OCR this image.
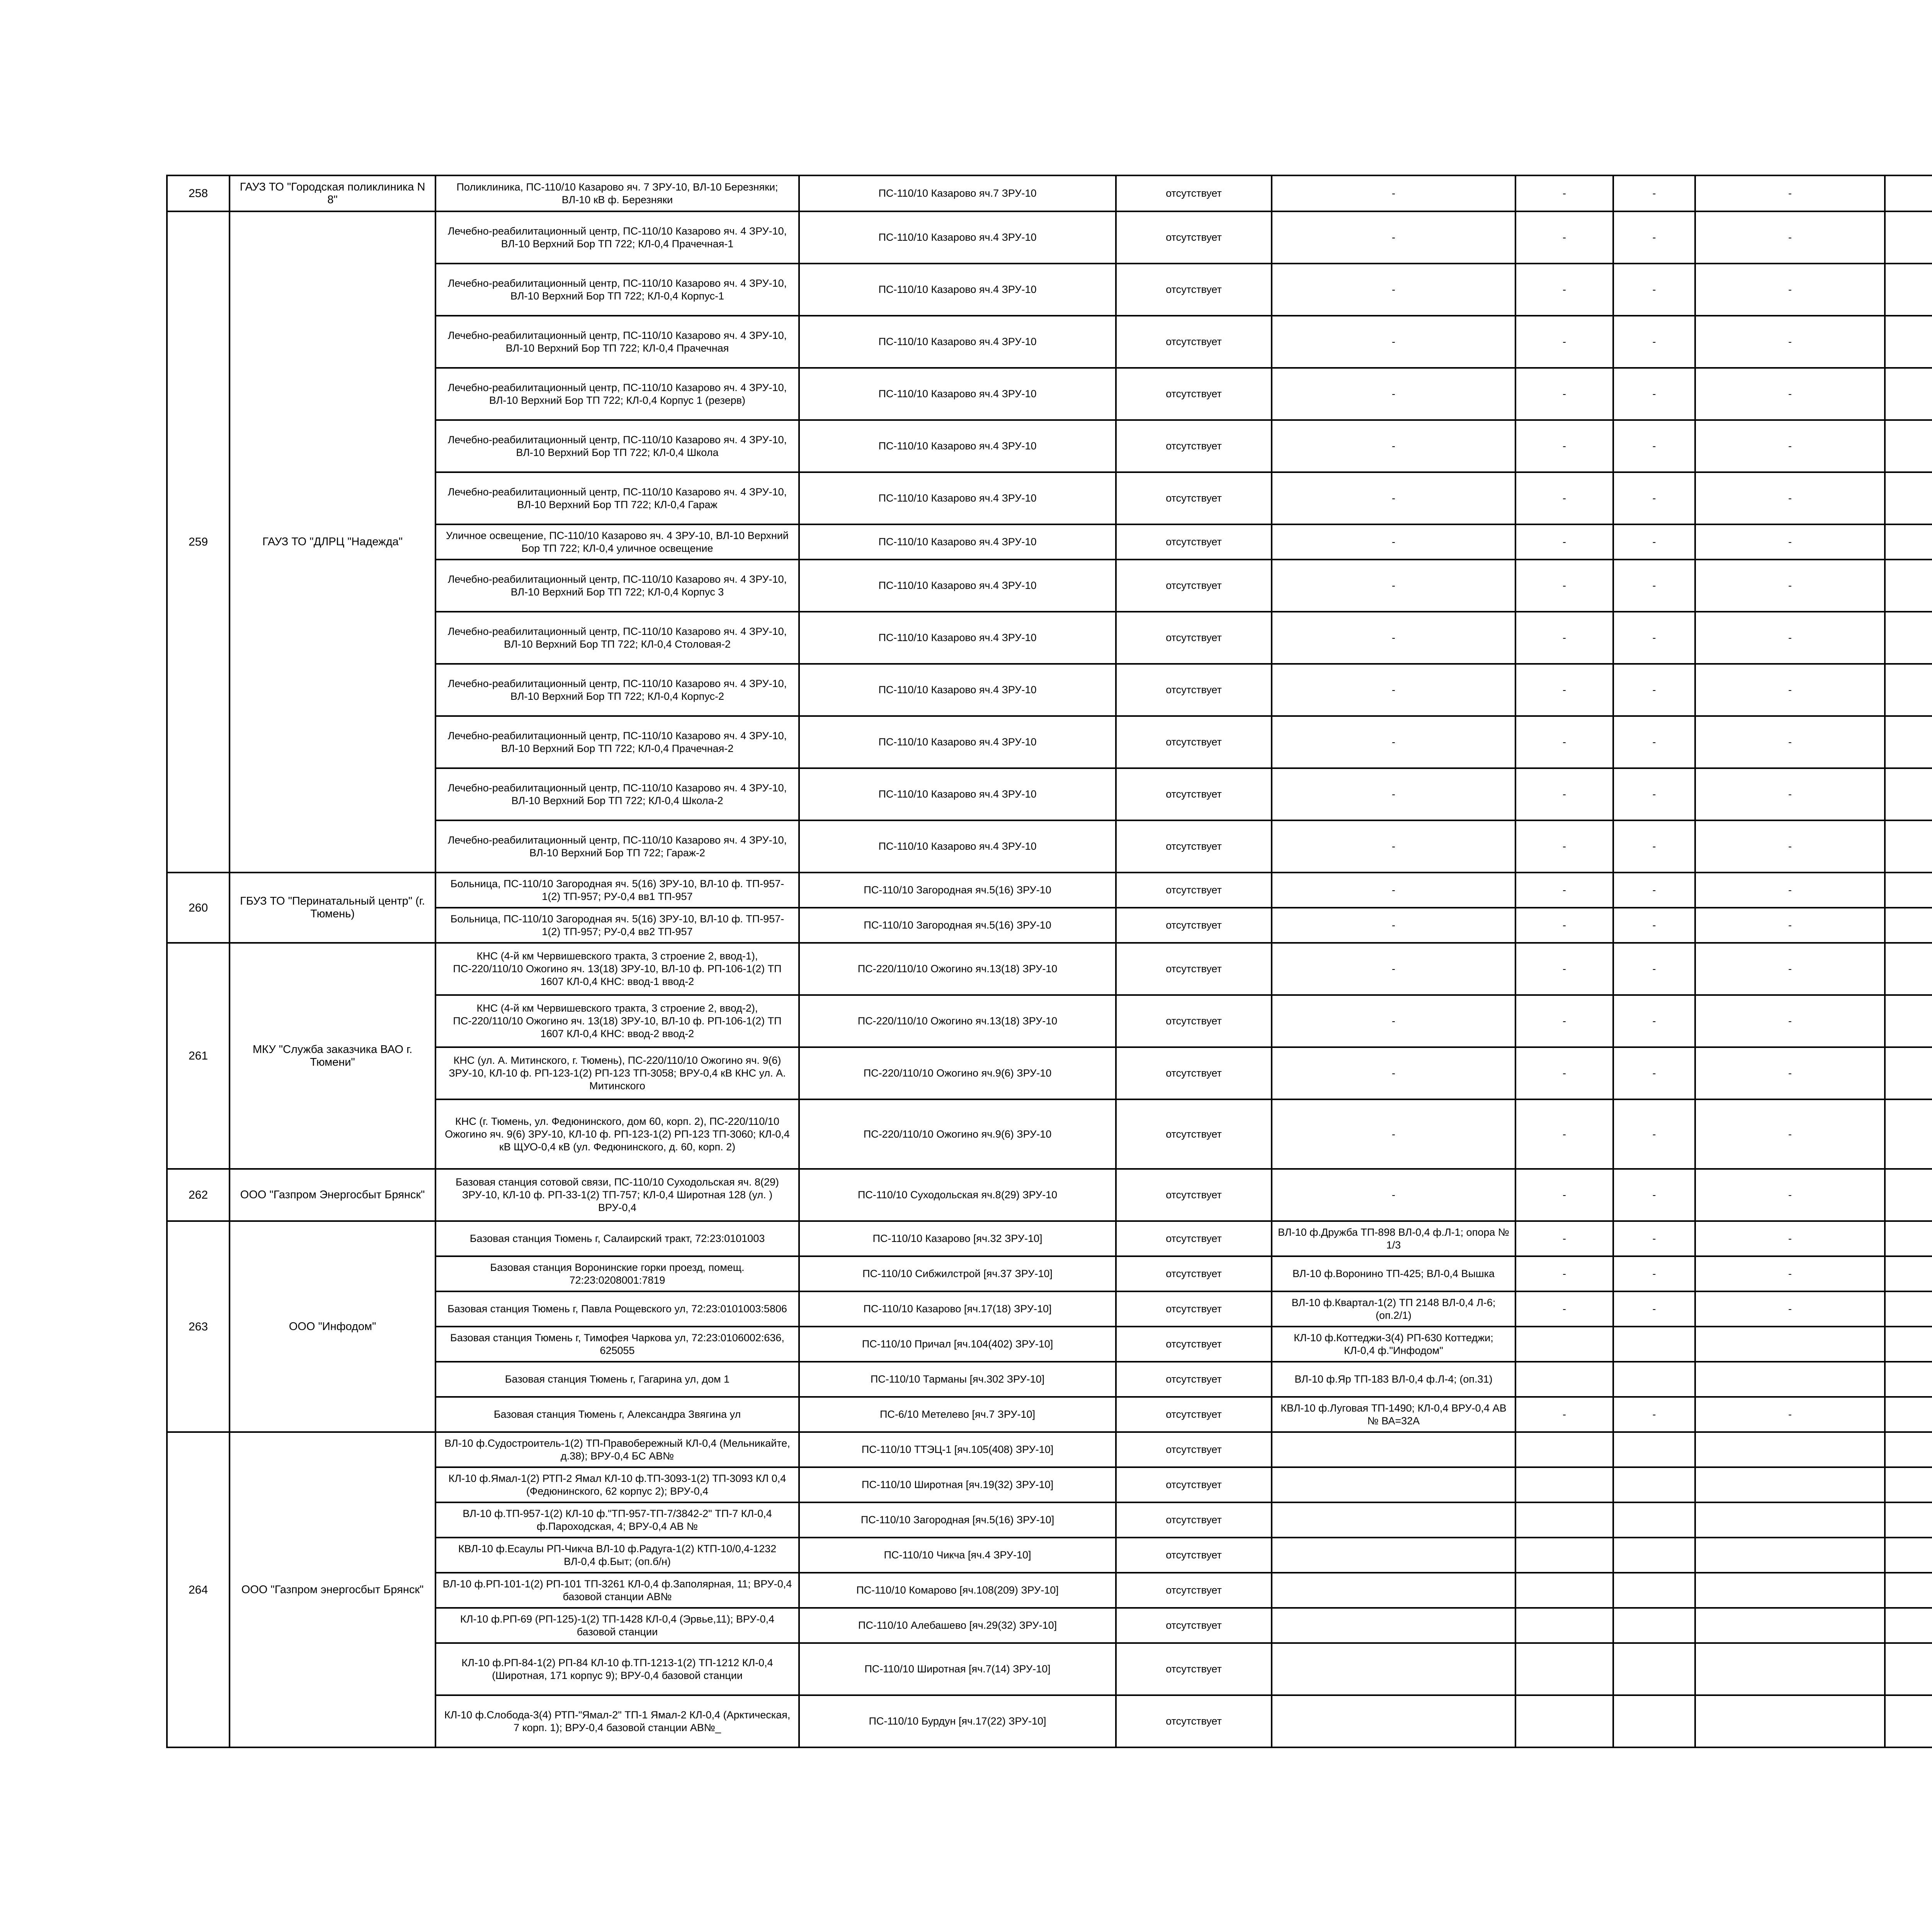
258	ГАУЗ ТО "Городская поликлиника N 8"	Поликлиника, ПС-110/10 Казарово яч. 7 ЗРУ-10, ВЛ-10 Березняки; ВЛ-10 кВ ф. Березняки	ПС-110/10 Казарово яч.7 ЗРУ-10	отсутствует	-	-	-	-		
259	ГАУЗ ТО "ДЛРЦ "Надежда"	Лечебно-реабилитационный центр, ПС-110/10 Казарово яч. 4 ЗРУ-10, ВЛ-10 Верхний Бор ТП 722; КЛ-0,4 Прачечная-1	ПС-110/10 Казарово яч.4 ЗРУ-10	отсутствует	-	-	-	-		
		Лечебно-реабилитационный центр, ПС-110/10 Казарово яч. 4 ЗРУ-10, ВЛ-10 Верхний Бор ТП 722; КЛ-0,4 Корпус-1	ПС-110/10 Казарово яч.4 ЗРУ-10	отсутствует	-	-	-	-		
		Лечебно-реабилитационный центр, ПС-110/10 Казарово яч. 4 ЗРУ-10, ВЛ-10 Верхний Бор ТП 722; КЛ-0,4 Прачечная	ПС-110/10 Казарово яч.4 ЗРУ-10	отсутствует	-	-	-	-		
		Лечебно-реабилитационный центр, ПС-110/10 Казарово яч. 4 ЗРУ-10, ВЛ-10 Верхний Бор ТП 722; КЛ-0,4 Корпус 1 (резерв)	ПС-110/10 Казарово яч.4 ЗРУ-10	отсутствует	-	-	-	-		
		Лечебно-реабилитационный центр, ПС-110/10 Казарово яч. 4 ЗРУ-10, ВЛ-10 Верхний Бор ТП 722; КЛ-0,4 Школа	ПС-110/10 Казарово яч.4 ЗРУ-10	отсутствует	-	-	-	-		
		Лечебно-реабилитационный центр, ПС-110/10 Казарово яч. 4 ЗРУ-10, ВЛ-10 Верхний Бор ТП 722; КЛ-0,4 Гараж	ПС-110/10 Казарово яч.4 ЗРУ-10	отсутствует	-	-	-	-		
		Уличное освещение, ПС-110/10 Казарово яч. 4 ЗРУ-10, ВЛ-10 Верхний Бор ТП 722; КЛ-0,4 уличное освещение	ПС-110/10 Казарово яч.4 ЗРУ-10	отсутствует	-	-	-	-		
		Лечебно-реабилитационный центр, ПС-110/10 Казарово яч. 4 ЗРУ-10, ВЛ-10 Верхний Бор ТП 722; КЛ-0,4 Корпус 3	ПС-110/10 Казарово яч.4 ЗРУ-10	отсутствует	-	-	-	-		
		Лечебно-реабилитационный центр, ПС-110/10 Казарово яч. 4 ЗРУ-10, ВЛ-10 Верхний Бор ТП 722; КЛ-0,4 Столовая-2	ПС-110/10 Казарово яч.4 ЗРУ-10	отсутствует	-	-	-	-		
		Лечебно-реабилитационный центр, ПС-110/10 Казарово яч. 4 ЗРУ-10, ВЛ-10 Верхний Бор ТП 722; КЛ-0,4 Корпус-2	ПС-110/10 Казарово яч.4 ЗРУ-10	отсутствует	-	-	-	-		
		Лечебно-реабилитационный центр, ПС-110/10 Казарово яч. 4 ЗРУ-10, ВЛ-10 Верхний Бор ТП 722; КЛ-0,4 Прачечная-2	ПС-110/10 Казарово яч.4 ЗРУ-10	отсутствует	-	-	-	-		
		Лечебно-реабилитационный центр, ПС-110/10 Казарово яч. 4 ЗРУ-10, ВЛ-10 Верхний Бор ТП 722; КЛ-0,4 Школа-2	ПС-110/10 Казарово яч.4 ЗРУ-10	отсутствует	-	-	-	-		
		Лечебно-реабилитационный центр, ПС-110/10 Казарово яч. 4 ЗРУ-10, ВЛ-10 Верхний Бор ТП 722; Гараж-2	ПС-110/10 Казарово яч.4 ЗРУ-10	отсутствует	-	-	-	-		
260	ГБУЗ ТО "Перинатальный центр" (г. Тюмень)	Больница, ПС-110/10 Загородная яч. 5(16) ЗРУ-10, ВЛ-10 ф. ТП-957-1(2) ТП-957; РУ-0,4 вв1 ТП-957	ПС-110/10 Загородная яч.5(16) ЗРУ-10	отсутствует	-	-	-	-		
		Больница, ПС-110/10 Загородная яч. 5(16) ЗРУ-10, ВЛ-10 ф. ТП-957-1(2) ТП-957; РУ-0,4 вв2 ТП-957	ПС-110/10 Загородная яч.5(16) ЗРУ-10	отсутствует	-	-	-	-		
261	МКУ "Служба заказчика ВАО г. Тюмени"	КНС (4-й км Червишевского тракта, 3 строение 2, ввод-1), ПС-220/110/10 Ожогино яч. 13(18) ЗРУ-10, ВЛ-10 ф. РП-106-1(2) ТП 1607 КЛ-0,4 КНС: ввод-1 ввод-2	ПС-220/110/10 Ожогино яч.13(18) ЗРУ-10	отсутствует	-	-	-	-		
		КНС (4-й км Червишевского тракта, 3 строение 2, ввод-2), ПС-220/110/10 Ожогино яч. 13(18) ЗРУ-10, ВЛ-10 ф. РП-106-1(2) ТП 1607 КЛ-0,4 КНС: ввод-2 ввод-2	ПС-220/110/10 Ожогино яч.13(18) ЗРУ-10	отсутствует	-	-	-	-		
		КНС (ул. А. Митинского, г. Тюмень), ПС-220/110/10 Ожогино яч. 9(6) ЗРУ-10, КЛ-10 ф. РП-123-1(2) РП-123 ТП-3058; ВРУ-0,4 кВ КНС ул. А. Митинского	ПС-220/110/10 Ожогино яч.9(6) ЗРУ-10	отсутствует	-	-	-	-		
		КНС (г. Тюмень, ул. Федюнинского, дом 60, корп. 2), ПС-220/110/10 Ожогино яч. 9(6) ЗРУ-10, КЛ-10 ф. РП-123-1(2) РП-123 ТП-3060; КЛ-0,4 кВ ЩУО-0,4 кВ (ул. Федюнинского, д. 60, корп. 2)	ПС-220/110/10 Ожогино яч.9(6) ЗРУ-10	отсутствует	-	-	-	-		
262	ООО "Газпром Энергосбыт Брянск"	Базовая станция сотовой связи, ПС-110/10 Суходольская яч. 8(29) ЗРУ-10, КЛ-10 ф. РП-33-1(2) ТП-757; КЛ-0,4 Широтная 128 (ул. ) ВРУ-0,4	ПС-110/10 Суходольская яч.8(29) ЗРУ-10	отсутствует	-	-	-	-		
263	ООО "Инфодом"	Базовая станция Тюмень г, Салаирский тракт, 72:23:0101003	ПС-110/10 Казарово [яч.32 ЗРУ-10]	отсутствует	ВЛ-10 ф.Дружба ТП-898 ВЛ-0,4 ф.Л-1; опора № 1/3	-	-	-		
		Базовая станция Воронинские горки проезд, помещ. 72:23:0208001:7819	ПС-110/10 Сибжилстрой [яч.37 ЗРУ-10]	отсутствует	ВЛ-10 ф.Воронино ТП-425; ВЛ-0,4 Вышка	-	-	-		
		Базовая станция Тюмень г, Павла Рощевского ул, 72:23:0101003:5806	ПС-110/10 Казарово [яч.17(18) ЗРУ-10]	отсутствует	ВЛ-10 ф.Квартал-1(2) ТП 2148 ВЛ-0,4 Л-6; (оп.2/1)	-	-	-		
		Базовая станция Тюмень г, Тимофея Чаркова ул, 72:23:0106002:636, 625055	ПС-110/10 Причал [яч.104(402) ЗРУ-10]	отсутствует	КЛ-10 ф.Коттеджи-3(4) РП-630 Коттеджи; КЛ-0,4 ф."Инфодом"					
		Базовая станция Тюмень г, Гагарина ул, дом 1	ПС-110/10 Тарманы [яч.302 ЗРУ-10]	отсутствует	ВЛ-10 ф.Яр ТП-183 ВЛ-0,4 ф.Л-4; (оп.31)					
		Базовая станция Тюмень г, Александра Звягина ул	ПС-6/10 Метелево [яч.7 ЗРУ-10]	отсутствует	КВЛ-10 ф.Луговая ТП-1490; КЛ-0,4 ВРУ-0,4 АВ № ВА=32А	-	-	-		
264	ООО "Газпром энергосбыт Брянск"	ВЛ-10 ф.Судостроитель-1(2) ТП-Правобережный КЛ-0,4 (Мельникайте, д.38); ВРУ-0,4 БС АВ№	ПС-110/10 ТТЭЦ-1 [яч.105(408) ЗРУ-10]	отсутствует						
		КЛ-10 ф.Ямал-1(2) РТП-2 Ямал КЛ-10 ф.ТП-3093-1(2) ТП-3093 КЛ 0,4 (Федюнинского, 62 корпус 2); ВРУ-0,4	ПС-110/10 Широтная [яч.19(32) ЗРУ-10]	отсутствует						
		ВЛ-10 ф.ТП-957-1(2) КЛ-10 ф."ТП-957-ТП-7/3842-2" ТП-7 КЛ-0,4 ф.Пароходская, 4; ВРУ-0,4 АВ №	ПС-110/10 Загородная [яч.5(16) ЗРУ-10]	отсутствует						
		КВЛ-10 ф.Есаулы РП-Чикча ВЛ-10 ф.Радуга-1(2) КТП-10/0,4-1232 ВЛ-0,4 ф.Быт; (оп.б/н)	ПС-110/10 Чикча [яч.4 ЗРУ-10]	отсутствует						
		ВЛ-10 ф.РП-101-1(2) РП-101 ТП-3261 КЛ-0,4 ф.Заполярная, 11; ВРУ-0,4 базовой станции АВ№	ПС-110/10 Комарово [яч.108(209) ЗРУ-10]	отсутствует						
		КЛ-10 ф.РП-69 (РП-125)-1(2) ТП-1428 КЛ-0,4 (Эрвье,11); ВРУ-0,4 базовой станции	ПС-110/10 Алебашево [яч.29(32) ЗРУ-10]	отсутствует						
		КЛ-10 ф.РП-84-1(2) РП-84 КЛ-10 ф.ТП-1213-1(2) ТП-1212 КЛ-0,4 (Широтная, 171 корпус 9); ВРУ-0,4 базовой станции	ПС-110/10 Широтная [яч.7(14) ЗРУ-10]	отсутствует						
		КЛ-10 ф.Слобода-3(4) РТП-"Ямал-2" ТП-1 Ямал-2 КЛ-0,4 (Арктическая, 7 корп. 1); ВРУ-0,4 базовой станции АВ№_	ПС-110/10 Бурдун [яч.17(22) ЗРУ-10]	отсутствует						
